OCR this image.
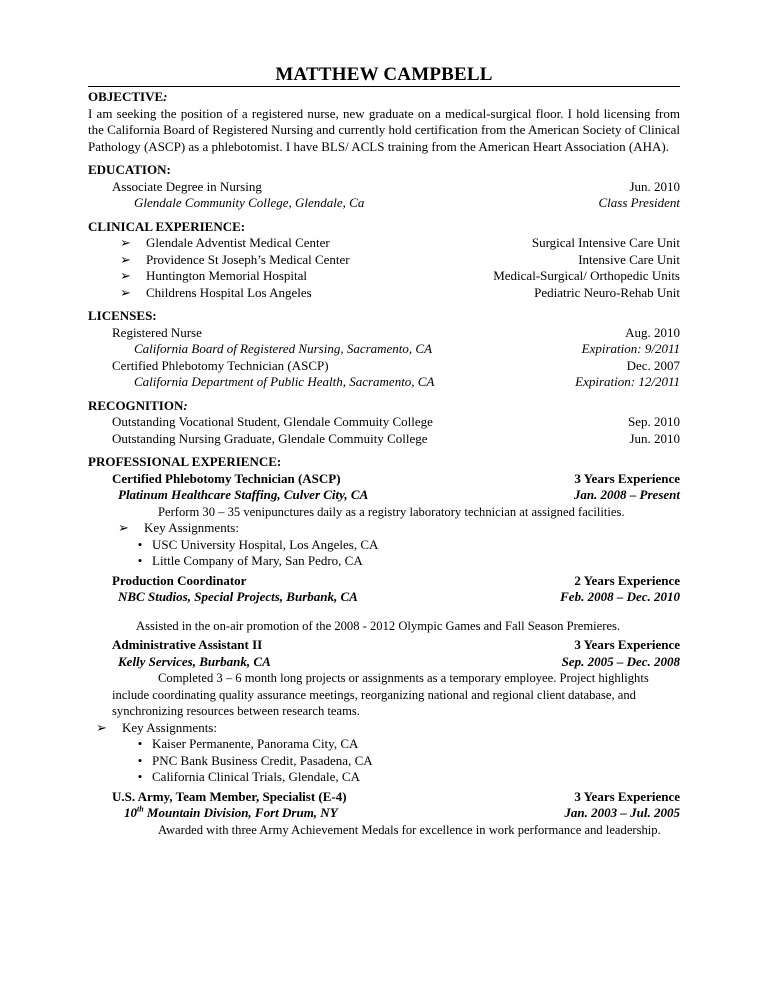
MATTHEW CAMPBELL
OBJECTIVE:
I am seeking the position of a registered nurse, new graduate on a medical-surgical floor. I hold licensing from the California Board of Registered Nursing and currently hold certification from the American Society of Clinical Pathology (ASCP) as a phlebotomist. I have BLS/ ACLS training from the American Heart Association (AHA).
EDUCATION:
Associate Degree in Nursing	Jun. 2010
Glendale Community College, Glendale, Ca	Class President
CLINICAL EXPERIENCE:
➢	Glendale Adventist Medical Center	Surgical Intensive Care Unit
➢	Providence St Joseph’s Medical Center	Intensive Care Unit
➢	Huntington Memorial Hospital	Medical-Surgical/ Orthopedic Units
➢	Childrens Hospital Los Angeles	Pediatric Neuro-Rehab Unit
LICENSES:
Registered Nurse	Aug. 2010
California Board of Registered Nursing, Sacramento, CA	Expiration: 9/2011
Certified Phlebotomy Technician (ASCP)	Dec. 2007
California Department of Public Health, Sacramento, CA	Expiration: 12/2011
RECOGNITION:
Outstanding Vocational Student, Glendale Commuity College	Sep. 2010
Outstanding Nursing Graduate, Glendale Commuity College	Jun. 2010
PROFESSIONAL EXPERIENCE:
Certified Phlebotomy Technician (ASCP)	3 Years Experience
Platinum Healthcare Staffing, Culver City, CA	Jan. 2008 – Present
Perform 30 – 35 venipunctures daily as a registry laboratory technician at assigned facilities.
➢ Key Assignments:
• USC University Hospital, Los Angeles, CA
• Little Company of Mary, San Pedro, CA
Production Coordinator	2 Years Experience
NBC Studios, Special Projects, Burbank, CA	Feb. 2008 – Dec. 2010
Assisted in the on-air promotion of the 2008 - 2012 Olympic Games and Fall Season Premieres.
Administrative Assistant II	3 Years Experience
Kelly Services, Burbank, CA	Sep. 2005 – Dec. 2008
Completed 3 – 6 month long projects or assignments as a temporary employee. Project highlights
include coordinating quality assurance meetings, reorganizing national and regional client database, and synchronizing resources between research teams.
➢ Key Assignments:
• Kaiser Permanente, Panorama City, CA
• PNC Bank Business Credit, Pasadena, CA
• California Clinical Trials, Glendale, CA
U.S. Army, Team Member, Specialist (E-4)	3 Years Experience
10th Mountain Division, Fort Drum, NY	Jan. 2003 – Jul. 2005
Awarded with three Army Achievement Medals for excellence in work performance and leadership.
